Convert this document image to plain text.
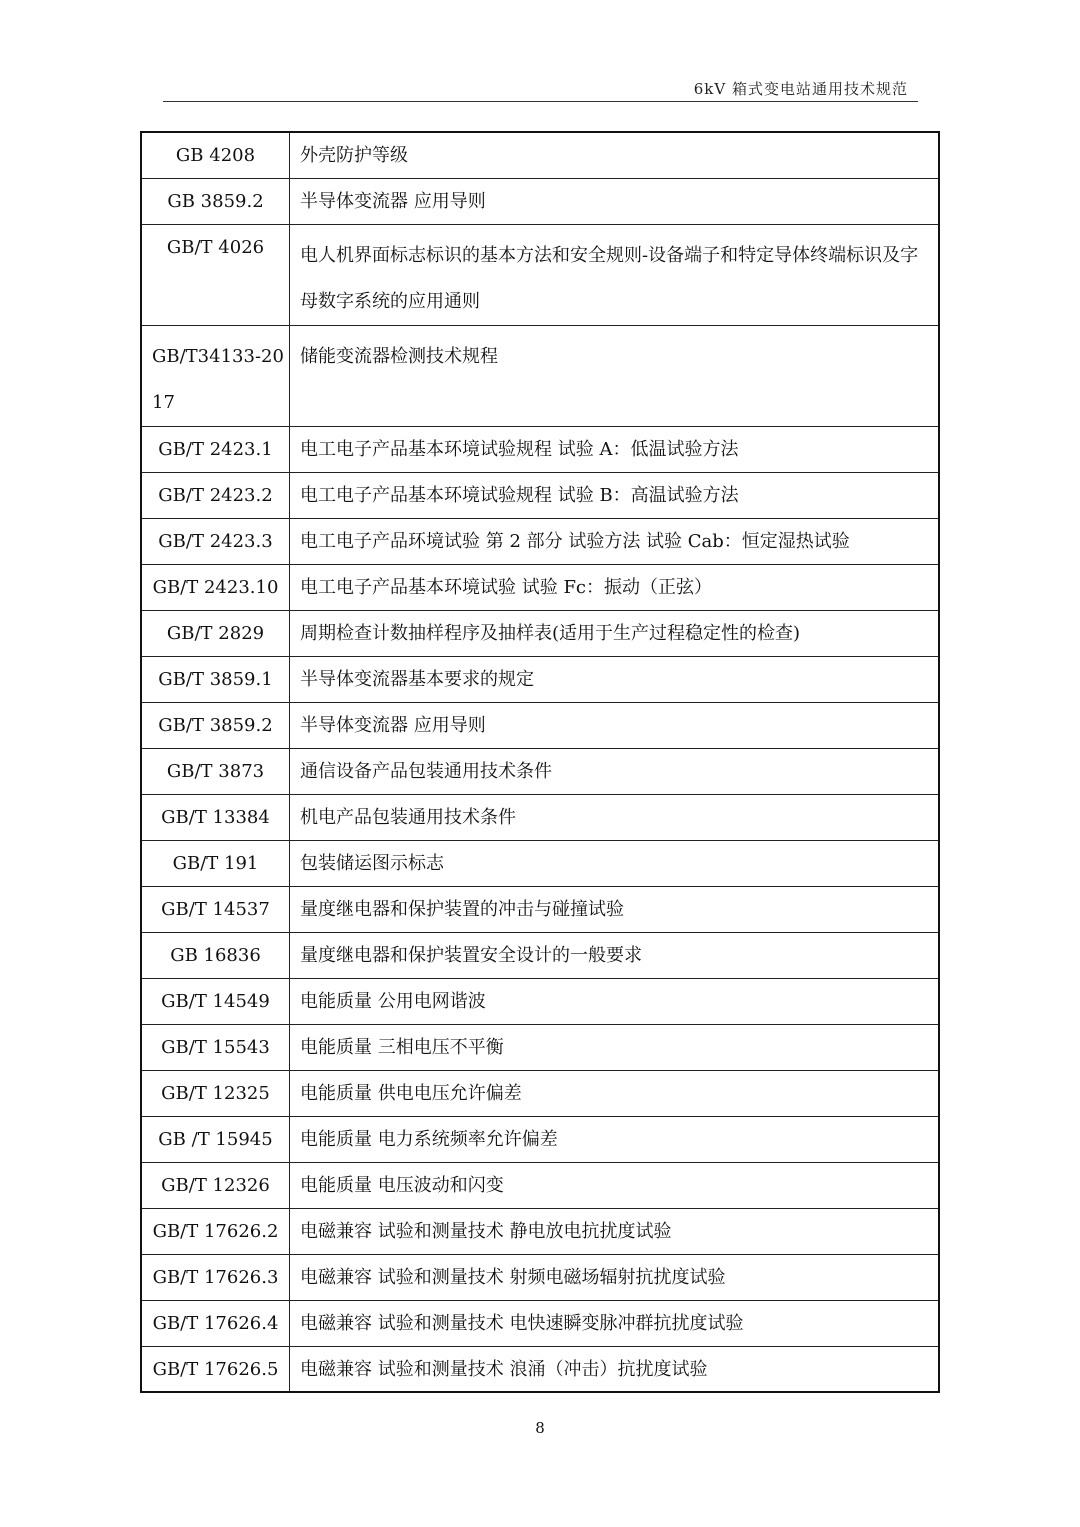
6kV 箱式变电站通用技术规范
GB 4208	外壳防护等级
GB 3859.2	半导体变流器 应用导则
GB/T 4026	电人机界面标志标识的基本方法和安全规则-设备端子和特定导体终端标识及字母数字系统的应用通则
GB/T34133-2017	储能变流器检测技术规程
GB/T 2423.1	电工电子产品基本环境试验规程 试验 A：低温试验方法
GB/T 2423.2	电工电子产品基本环境试验规程 试验 B：高温试验方法
GB/T 2423.3	电工电子产品环境试验 第 2 部分 试验方法 试验 Cab：恒定湿热试验
GB/T 2423.10	电工电子产品基本环境试验 试验 Fc：振动（正弦）
GB/T 2829	周期检查计数抽样程序及抽样表(适用于生产过程稳定性的检查)
GB/T 3859.1	半导体变流器基本要求的规定
GB/T 3859.2	半导体变流器 应用导则
GB/T 3873	通信设备产品包装通用技术条件
GB/T 13384	机电产品包装通用技术条件
GB/T 191	包装储运图示标志
GB/T 14537	量度继电器和保护装置的冲击与碰撞试验
GB 16836	量度继电器和保护装置安全设计的一般要求
GB/T 14549	电能质量 公用电网谐波
GB/T 15543	电能质量 三相电压不平衡
GB/T 12325	电能质量 供电电压允许偏差
GB /T 15945	电能质量 电力系统频率允许偏差
GB/T 12326	电能质量 电压波动和闪变
GB/T 17626.2	电磁兼容 试验和测量技术 静电放电抗扰度试验
GB/T 17626.3	电磁兼容 试验和测量技术 射频电磁场辐射抗扰度试验
GB/T 17626.4	电磁兼容 试验和测量技术 电快速瞬变脉冲群抗扰度试验
GB/T 17626.5	电磁兼容 试验和测量技术 浪涌（冲击）抗扰度试验
8
